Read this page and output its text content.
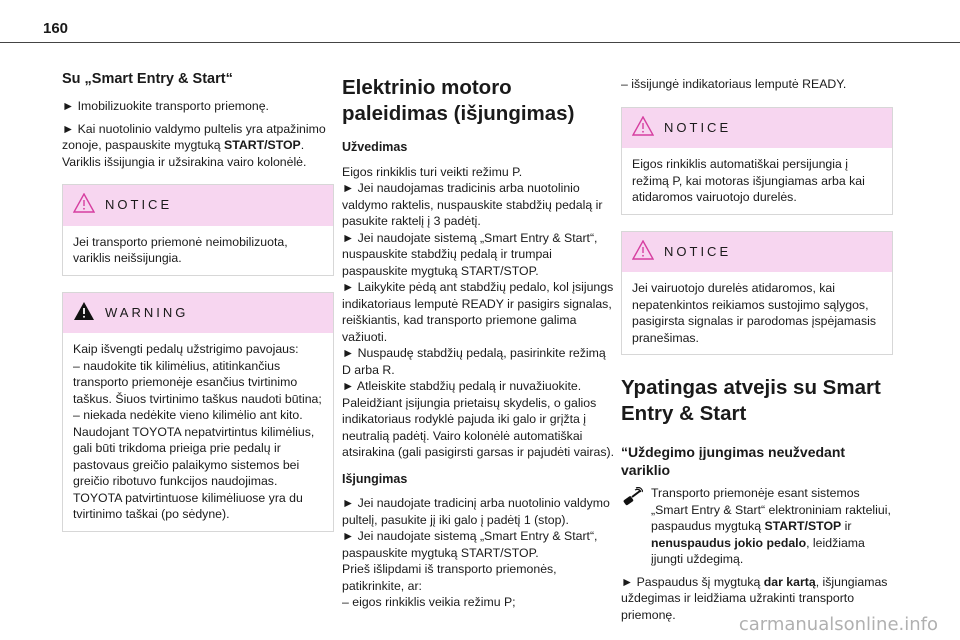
160
Su „Smart Entry & Start“

► Imobilizuokite transporto priemonę.

► Kai nuotolinio valdymo pultelis yra atpažinimo zonoje, paspauskite mygtuką START/STOP. Variklis išsijungia ir užsirakina vairo kolonėlė.

NOTICE
Jei transporto priemonė neimobilizuota, variklis neišsijungia.
WARNING
Kaip išvengti pedalų užstrigimo pavojaus:
– naudokite tik kilimėlius, atitinkančius transporto priemonėje esančius tvirtinimo taškus. Šiuos tvirtinimo taškus naudoti būtina;
– niekada nedėkite vieno kilimėlio ant kito.
Naudojant TOYOTA nepatvirtintus kilimėlius, gali būti trikdoma prieiga prie pedalų ir pastovaus greičio palaikymo sistemos bei greičio ribotuvo funkcijos naudojimas.
TOYOTA patvirtintuose kilimėliuose yra du tvirtinimo taškai (po sėdyne).
Elektrinio motoro paleidimas (išjungimas)
Užvedimas

Eigos rinkiklis turi veikti režimu P.
► Jei naudojamas tradicinis arba nuotolinio valdymo raktelis, nuspauskite stabdžių pedalą ir pasukite raktelį į 3 padėtį.
► Jei naudojate sistemą „Smart Entry & Start“, nuspauskite stabdžių pedalą ir trumpai paspauskite mygtuką START/STOP.
► Laikykite pėdą ant stabdžių pedalo, kol įsijungs indikatoriaus lemputė READY ir pasigirs signalas, reiškiantis, kad transporto priemone galima važiuoti.
► Nuspaudę stabdžių pedalą, pasirinkite režimą D arba R.
► Atleiskite stabdžių pedalą ir nuvažiuokite.
Paleidžiant įsijungia prietaisų skydelis, o galios indikatoriaus rodyklė pajuda iki galo ir grįžta į neutralią padėtį. Vairo kolonėlė automatiškai atsirakina (gali pasigirsti garsas ir pajudėti vairas).

Išjungimas

► Jei naudojate tradicinį arba nuotolinio valdymo pultelį, pasukite jį iki galo į padėtį 1 (stop).
► Jei naudojate sistemą „Smart Entry & Start“, paspauskite mygtuką START/STOP.
Prieš išlipdami iš transporto priemonės, patikrinkite, ar:
– eigos rinkiklis veikia režimu P;

– išsijungė indikatoriaus lemputė READY.

NOTICE
Eigos rinkiklis automatiškai persijungia į režimą P, kai motoras išjungiamas arba kai atidaromos vairuotojo durelės.
NOTICE
Jei vairuotojo durelės atidaromos, kai nepatenkintos reikiamos sustojimo sąlygos, pasigirsta signalas ir parodomas įspėjamasis pranešimas.
Ypatingas atvejis su Smart Entry & Start
“Uždegimo įjungimas neužvedant variklio

Transporto priemonėje esant sistemos „Smart Entry & Start“ elektroniniam rakteliui, paspaudus mygtuką START/STOP ir nenuspaudus jokio pedalo, leidžiama įjungti uždegimą.

► Paspaudus šį mygtuką dar kartą, išjungiamas uždegimas ir leidžiama užrakinti transporto priemonę.	carmanualsonline.info
